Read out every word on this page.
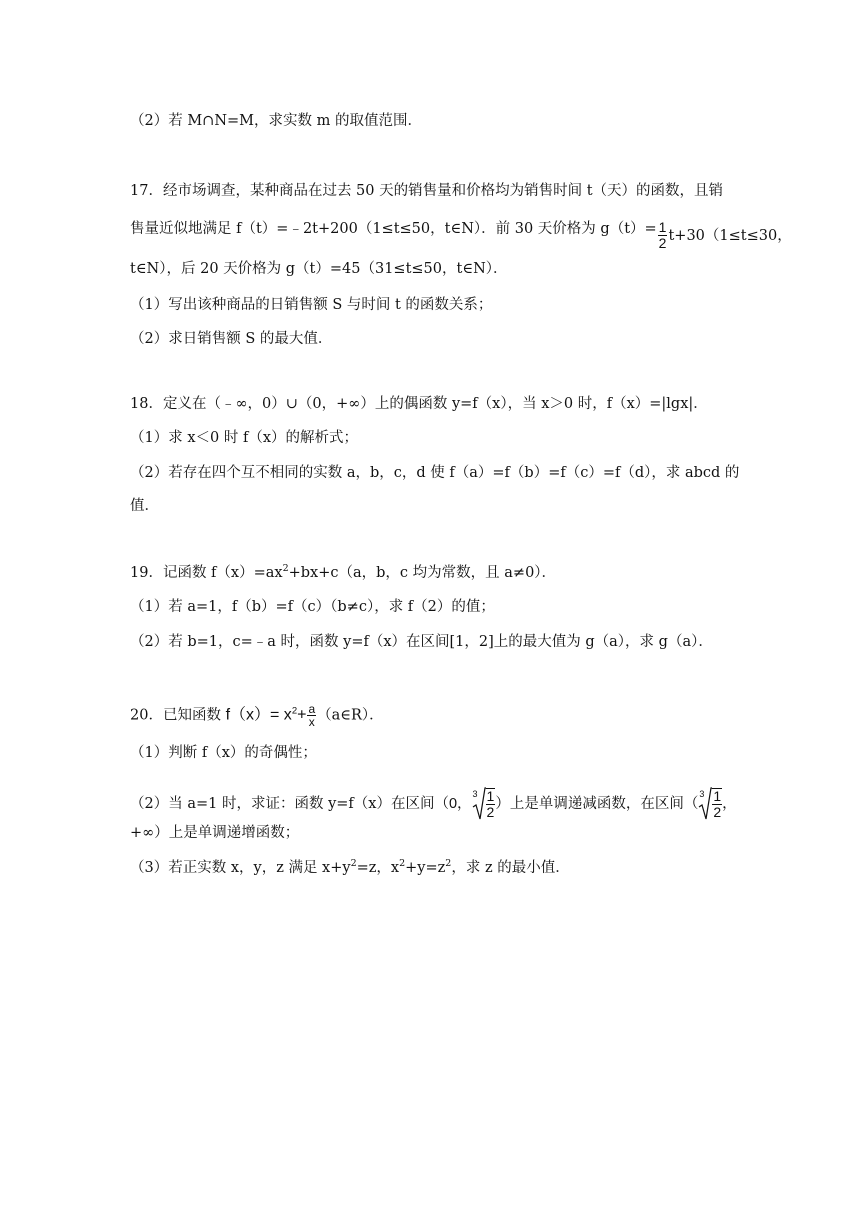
（2）若 M∩N=M，求实数 m 的取值范围．
17．经市场调查，某种商品在过去 50 天的销售量和价格均为销售时间 t（天）的函数，且销
售量近似地满足 f（t）=﹣2t+200（1≤t≤50，t∈N）．前 30 天价格为 $g(t)= \frac{1}{2} t+30(1\le t\le 30$，
t∈N），后 20 天价格为 g（t）=45（31≤t≤50，t∈N）．
（1）写出该种商品的日销售额 S 与时间 t 的函数关系；
（2）求日销售额 S 的最大值．
18．定义在（﹣∞，0）∪（0，+∞）上的偶函数 y=f（x），当 x＞0 时，f（x）=|lgx|．
（1）求 x＜0 时 f（x）的解析式；
（2）若存在四个互不相同的实数 a，b，c，d 使 f（a）=f（b）=f（c）=f（d），求 abcd 的
值．
19．记函数 $f(x)=ax^2+bx+c(a$，b，c 均为常数，且 a≠0）．
（1）若 a=1，f（b）=f（c）（b≠c），求 f（2）的值；
（2）若 b=1，c=﹣a 时，函数 y=f（x）在区间[1，2]上的最大值为 g（a），求 g（a）．
20．已知函数 $f(x)= x^2+ \frac{a}{x}$ （a∈R）．
（1）判断 f（x）的奇偶性；
（2）当 a=1 时，求证：函数 y=f（x）在区间 （0，
$3 \frac{1}{2}$ ） 上是单调递减函数，在区间（
$3 \frac{1}{2}$ ，
+∞）上是单调递增函数；
（3）若正实数 x，y，z 满足 $x+y^2=z$，$x^2+y=z^2$，求 z 的最小值．
